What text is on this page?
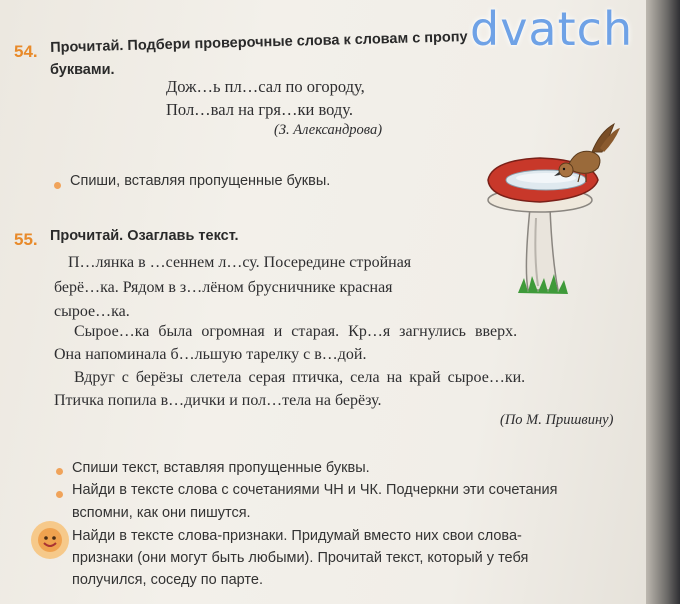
54. Прочитай. Подбери проверочные слова к словам с пропу
буквами.
Дож…ь пл…сал по огороду,
Пол…вал на гря…ки воду.
(З. Александрова)
Спиши, вставляя пропущенные буквы.
55. Прочитай. Озаглавь текст.
П…лянка в …сеннем л…су. Посередине стройная
берё…ка. Рядом в з…лёном брусничнике красная
сырое…ка.
Сырое…ка была огромная и старая. Кр…я загнулись вверх.
Она напоминала б…льшую тарелку с в…дой.
Вдруг с берёзы слетела серая птичка, села на край сырое…ки.
Птичка попила в…дички и пол…тела на берёзу.
(По М. Пришвину)
Спиши текст, вставляя пропущенные буквы.
Найди в тексте слова с сочетаниями ЧН и ЧК. Подчеркни эти сочетания
вспомни, как они пишутся.
Найди в тексте слова-признаки. Придумай вместо них свои слова-
признаки (они могут быть любыми). Прочитай текст, который у тебя
получился, соседу по парте.
dvatch
